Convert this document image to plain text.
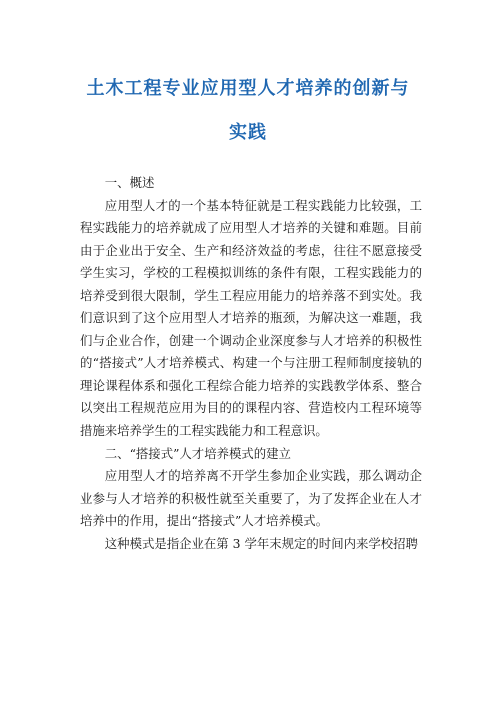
土木工程专业应用型人才培养的创新与
实践

一、概述

应用型人才的一个基本特征就是工程实践能力比较强，工程实践能力的培养就成了应用型人才培养的关键和难题。目前由于企业出于安全、生产和经济效益的考虑，往往不愿意接受学生实习，学校的工程模拟训练的条件有限，工程实践能力的培养受到很大限制，学生工程应用能力的培养落不到实处。我们意识到了这个应用型人才培养的瓶颈，为解决这一难题，我们与企业合作，创建一个调动企业深度参与人才培养的积极性的“搭接式”人才培养模式、构建一个与注册工程师制度接轨的理论课程体系和强化工程综合能力培养的实践教学体系、整合以突出工程规范应用为目的的课程内容、营造校内工程环境等措施来培养学生的工程实践能力和工程意识。

二、“搭接式”人才培养模式的建立

应用型人才的培养离不开学生参加企业实践，那么调动企业参与人才培养的积极性就至关重要了，为了发挥企业在人才培养中的作用，提出“搭接式”人才培养模式。

这种模式是指企业在第 3 学年末规定的时间内来学校招聘
